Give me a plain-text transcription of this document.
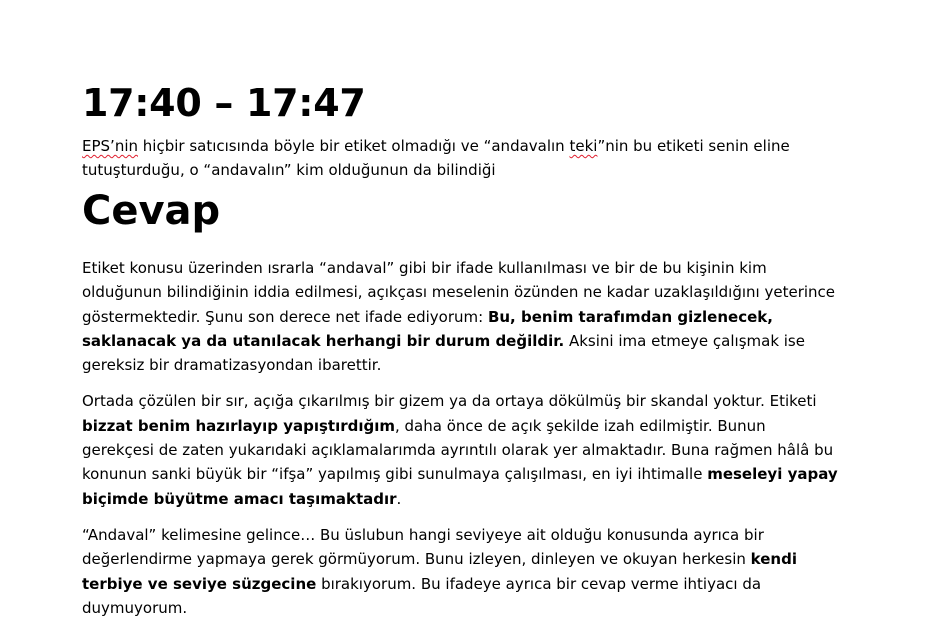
17:40 – 17:47

EPS’nin hiçbir satıcısında böyle bir etiket olmadığı ve “andavalın teki”nin bu etiketi senin eline tutuşturduğu, o “andavalın” kim olduğunun da bilindiği

Cevap

Etiket konusu üzerinden ısrarla “andaval” gibi bir ifade kullanılması ve bir de bu kişinin kim olduğunun bilindiğinin iddia edilmesi, açıkçası meselenin özünden ne kadar uzaklaşıldığını yeterince göstermektedir. Şunu son derece net ifade ediyorum: Bu, benim tarafımdan gizlenecek, saklanacak ya da utanılacak herhangi bir durum değildir. Aksini ima etmeye çalışmak ise gereksiz bir dramatizasyondan ibarettir.

Ortada çözülen bir sır, açığa çıkarılmış bir gizem ya da ortaya dökülmüş bir skandal yoktur. Etiketi bizzat benim hazırlayıp yapıştırdığım, daha önce de açık şekilde izah edilmiştir. Bunun gerekçesi de zaten yukarıdaki açıklamalarımda ayrıntılı olarak yer almaktadır. Buna rağmen hâlâ bu konunun sanki büyük bir “ifşa” yapılmış gibi sunulmaya çalışılması, en iyi ihtimalle meseleyi yapay biçimde büyütme amacı taşımaktadır.

“Andaval” kelimesine gelince… Bu üslubun hangi seviyeye ait olduğu konusunda ayrıca bir değerlendirme yapmaya gerek görmüyorum. Bunu izleyen, dinleyen ve okuyan herkesin kendi terbiye ve seviye süzgecine bırakıyorum. Bu ifadeye ayrıca bir cevap verme ihtiyacı da duymuyorum.
